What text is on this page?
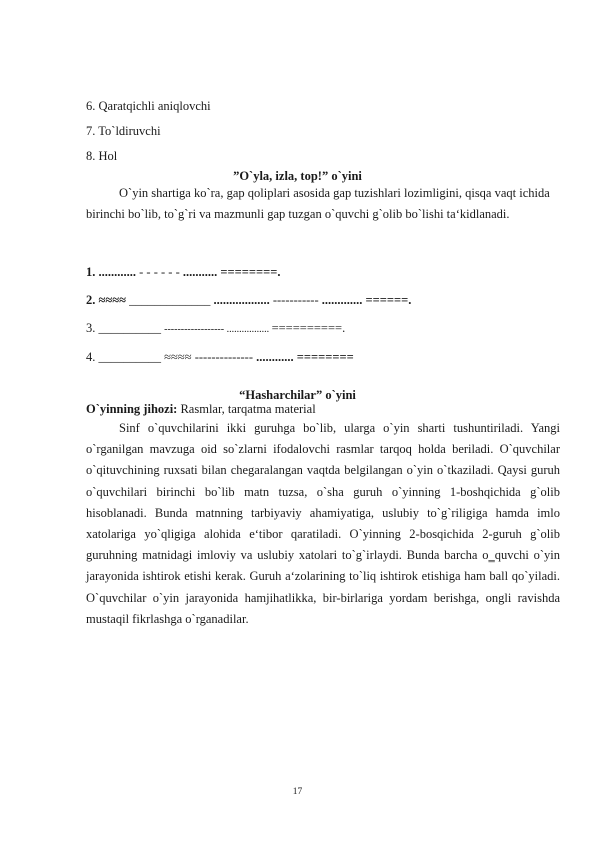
6. Qaratqichli aniqlovchi
7. To`ldiruvchi
8. Hol
”O`yla, izla, top!” o`yini

O`yin shartiga ko`ra, gap qoliplari asosida gap tuzishlari lozimligini, qisqa vaqt ichida birinchi bo`lib, to`g`ri va mazmunli gap tuzgan o`quvchi g`olib bo`lishi ta‘kidlanadi.

1. ............ - - - - - - ........... ========.
2. ≈≈≈≈ _____________ .................. ----------- ............. ======.
3. __________ ------------------ ................. ==========.
4. __________ ≈≈≈≈ -------------- ............ ========
“Hasharchilar” o`yini
O`yinning jihozi: Rasmlar, tarqatma material

Sinf o`quvchilarini ikki guruhga bo`lib, ularga o`yin sharti tushuntiriladi. Yangi o`rganilgan mavzuga oid so`zlarni ifodalovchi rasmlar tarqoq holda beriladi. O`quvchilar o`qituvchining ruxsati bilan chegaralangan vaqtda belgilangan o`yin o`tkaziladi. Qaysi guruh o`quvchilari birinchi bo`lib matn tuzsa, o`sha guruh o`yinning 1-boshqichida g`olib hisoblanadi. Bunda matnning tarbiyaviy ahamiyatiga, uslubiy to`g`riligiga hamda imlo xatolariga yo`qligiga alohida e‘tibor qaratiladi. O`yinning 2-bosqichida 2-guruh g`olib guruhning matnidagi imloviy va uslubiy xatolari to`g`irlaydi. Bunda barcha o‗quvchi o`yin jarayonida ishtirok etishi kerak. Guruh a‘zolarining to`liq ishtirok etishiga ham ball qo`yiladi. O`quvchilar o`yin jarayonida hamjihatlikka, bir-birlariga yordam berishga, ongli ravishda mustaqil fikrlashga o`rganadilar.

17
